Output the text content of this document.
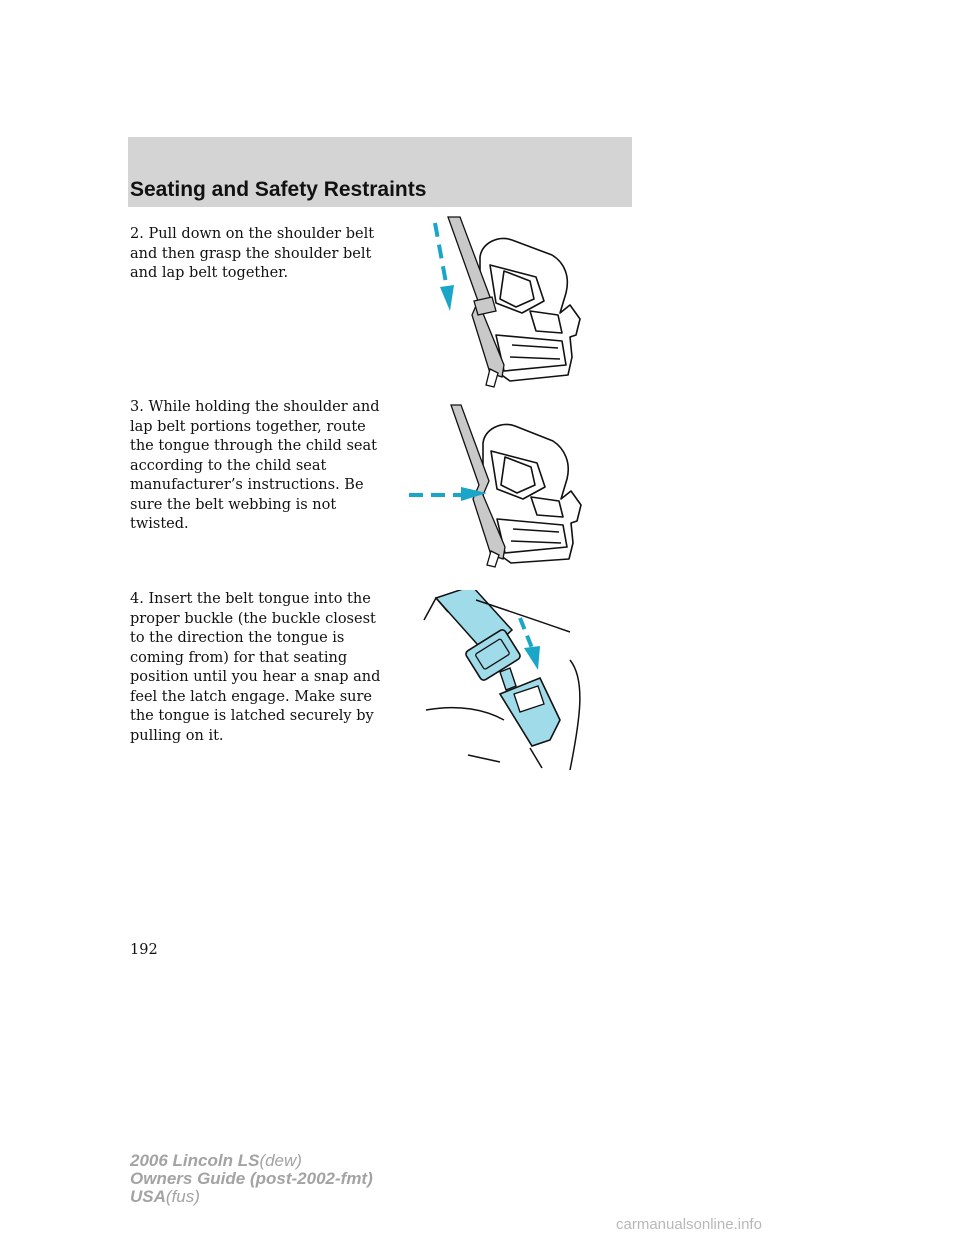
Seating and Safety Restraints

2. Pull down on the shoulder belt and then grasp the shoulder belt and lap belt together.

3. While holding the shoulder and lap belt portions together, route the tongue through the child seat according to the child seat manufacturer’s instructions. Be sure the belt webbing is not twisted.

4. Insert the belt tongue into the proper buckle (the buckle closest to the direction the tongue is coming from) for that seating position until you hear a snap and feel the latch engage. Make sure the tongue is latched securely by pulling on it.

192
2006 Lincoln LS(dew)
Owners Guide (post-2002-fmt)
USA(fus)
carmanualsonline.info
